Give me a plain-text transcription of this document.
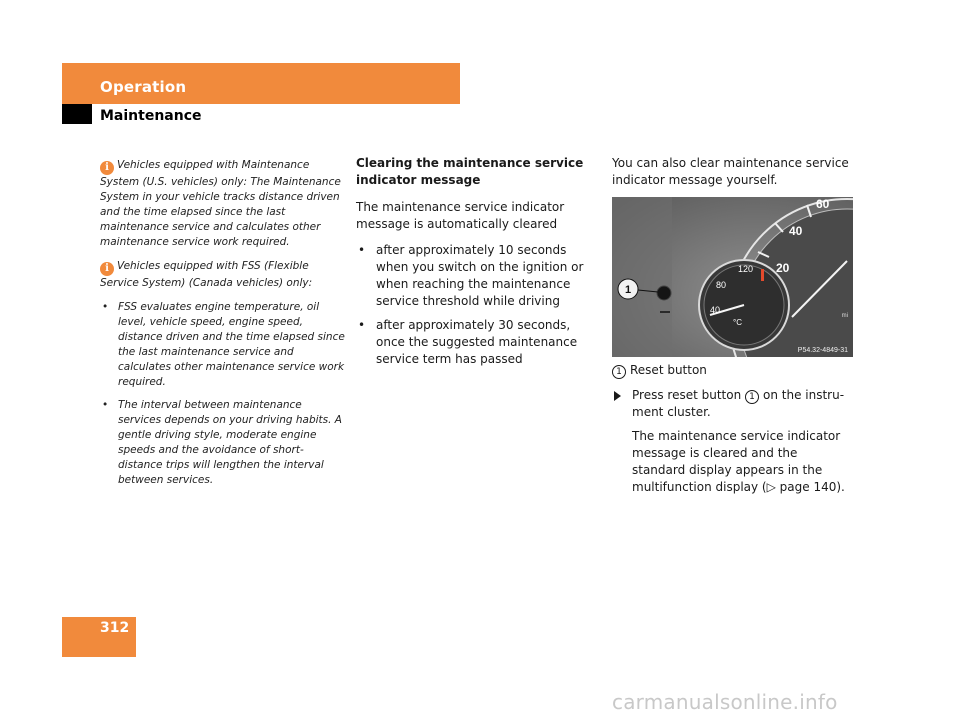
Operation
Maintenance
i Vehicles equipped with Maintenance System (U.S. vehicles) only: The Maintenance System in your vehicle tracks distance driven and the time elapsed since the last maintenance service and calculates other maintenance service work required.
i Vehicles equipped with FSS (Flexible Service System) (Canada vehicles) only:
• FSS evaluates engine temperature, oil level, vehicle speed, engine speed, distance driven and the time elapsed since the last maintenance service and calculates other maintenance service work required.
• The interval between maintenance services depends on your driving habits. A gentle driving style, moderate engine speeds and the avoidance of short-distance trips will lengthen the interval between services.
Clearing the maintenance service indicator message

The maintenance service indicator message is automatically cleared

• after approximately 10 seconds when you switch on the ignition or when reaching the maintenance service threshold while driving
• after approximately 30 seconds, once the suggested maintenance service term has passed

You can also clear maintenance service indicator message yourself.

1
60
40
20
120
80
40
°C
mi
P54.32-4849-31
1 Reset button
Press reset button 1 on the instru-ment cluster.
The maintenance service indicator message is cleared and the standard display appears in the multifunction display (▷ page 140).
312
carmanualsonline.info
